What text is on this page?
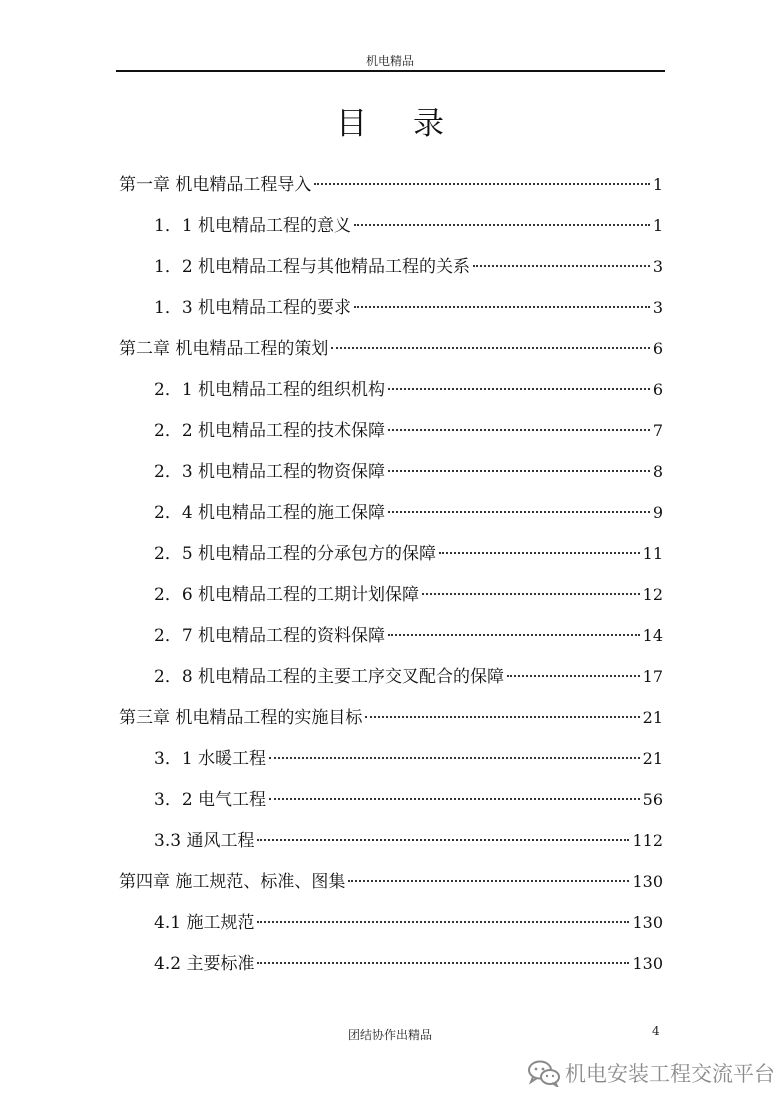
机电精品
目录
第一章 机电精品工程导入	1
1．1 机电精品工程的意义	1
1．2 机电精品工程与其他精品工程的关系	3
1．3 机电精品工程的要求	3
第二章 机电精品工程的策划	6
2．1 机电精品工程的组织机构	6
2．2 机电精品工程的技术保障	7
2．3 机电精品工程的物资保障	8
2．4 机电精品工程的施工保障	9
2．5 机电精品工程的分承包方的保障	11
2．6 机电精品工程的工期计划保障	12
2．7 机电精品工程的资料保障	14
2．8 机电精品工程的主要工序交叉配合的保障	17
第三章 机电精品工程的实施目标	21
3．1 水暖工程	21
3．2 电气工程	56
3.3 通风工程	112
第四章 施工规范、标准、图集	130
4.1 施工规范	130
4.2 主要标准	130
团结协作出精品	4
机电安装工程交流平台
